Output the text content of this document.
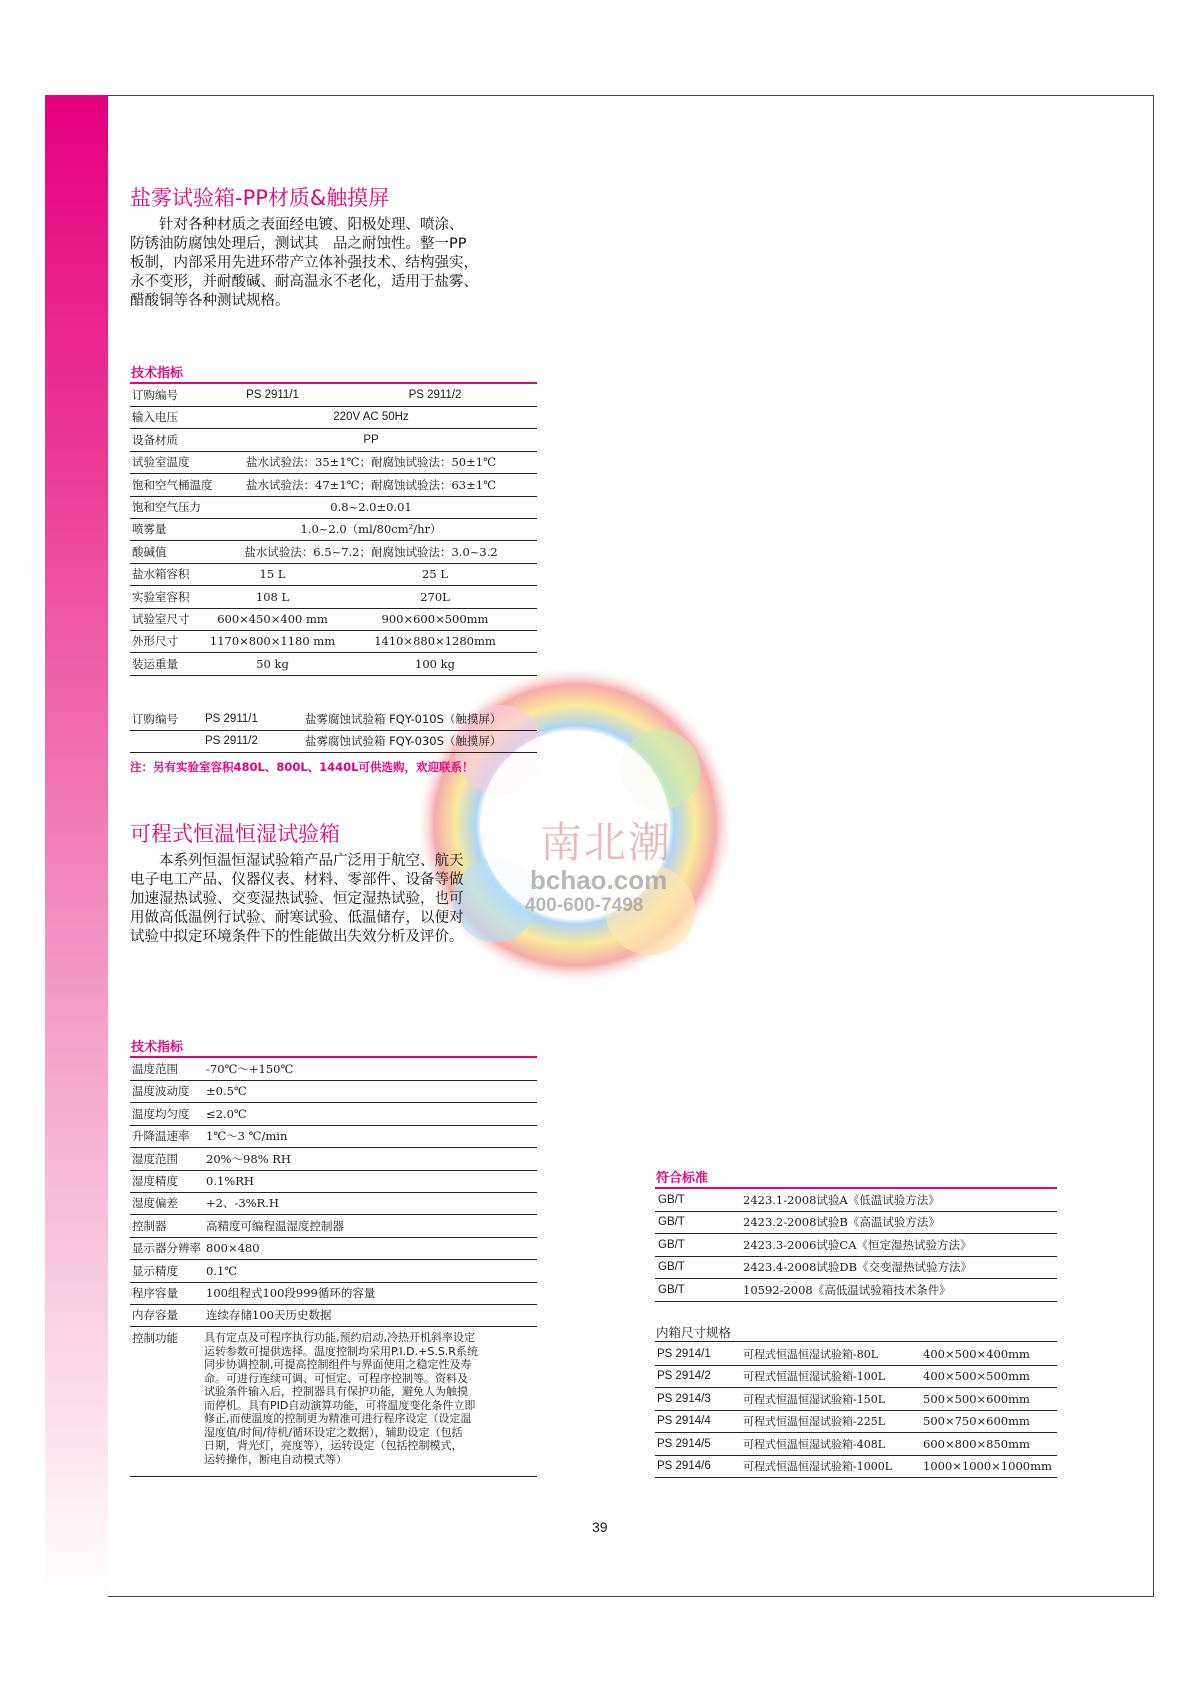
南北潮
bchao.com
400-600-7498
盐雾试验箱-PP材质&触摸屏

　　针对各种材质之表面经电镀、阳极处理、喷涂、

防锈油防腐蚀处理后，测试其　品之耐蚀性。整一PP

板制，内部采用先进环带产立体补强技术、结构强实，

永不变形，并耐酸碱、耐高温永不老化，适用于盐雾、

醋酸铜等各种测试规格。

技术指标
订购编号	PS 2911/1	PS 2911/2
输入电压	220V AC 50Hz
设备材质	PP
试验室温度	盐水试验法：35±1℃；耐腐蚀试验法：50±1℃
饱和空气桶温度	盐水试验法：47±1℃；耐腐蚀试验法：63±1℃
饱和空气压力	0.8~2.0±0.01
喷雾量	1.0~2.0（ml/80cm²/hr）
酸碱值	盐水试验法：6.5~7.2；耐腐蚀试验法：3.0~3.2
盐水箱容积	15 L	25 L
实验室容积	108 L	270L
试验室尺寸	600×450×400 mm	900×600×500mm
外形尺寸	1170×800×1180 mm	1410×880×1280mm
装运重量	50 kg	100 kg
订购编号 PS 2911/1	盐雾腐蚀试验箱 FQY-010S（触摸屏）
PS 2911/2	盐雾腐蚀试验箱 FQY-030S（触摸屏）
注：另有实验室容积480L、800L、1440L可供选购，欢迎联系！
可程式恒温恒湿试验箱

　　本系列恒温恒湿试验箱产品广泛用于航空、航天

电子电工产品、仪器仪表、材料、零部件、设备等做

加速湿热试验、交变湿热试验、恒定湿热试验，也可

用做高低温例行试验、耐寒试验、低温储存，以便对

试验中拟定环境条件下的性能做出失效分析及评价。

技术指标
温度范围 -70℃～+150℃
温度波动度 ±0.5℃
温度均匀度 ≤2.0℃
升降温速率 1℃～3 ℃/min
湿度范围 20%～98% RH
湿度精度 0.1%RH
湿度偏差 +2、-3%R.H
控制器	高精度可编程温湿度控制器
显示器分辨率 800×480
显示精度 0.1℃
程序容量 100组程式100段999循环的容量
内存容量 连续存储100天历史数据
控制功能 具有定点及可程序执行功能,预约启动,冷热开机斜率设定

运转参数可提供选择。温度控制均采用P.I.D.+S.S.R系统

同步协调控制,可提高控制组件与界面使用之稳定性及寿

命。可进行连续可调、可恒定、可程序控制等。资料及

试验条件输入后，控制器具有保护功能，避免人为触摸

而停机。具有PID自动演算功能，可将温度变化条件立即

修正,而使温度的控制更为精准可进行程序设定（设定温

湿度值/时间/待机/循环设定之数据），辅助设定（包括

日期，背光灯，亮度等），运转设定（包括控制模式，

运转操作，断电自动模式等）

符合标准
GB/T	2423.1-2008试验A《低温试验方法》
GB/T	2423.2-2008试验B《高温试验方法》
GB/T	2423.3-2006试验CA《恒定湿热试验方法》
GB/T	2423.4-2008试验DB《交变湿热试验方法》
GB/T	10592-2008《高低温试验箱技术条件》
内箱尺寸规格
PS 2914/1	可程式恒温恒湿试验箱-80L	400×500×400mm
PS 2914/2	可程式恒温恒湿试验箱-100L	400×500×500mm
PS 2914/3	可程式恒温恒湿试验箱-150L	500×500×600mm
PS 2914/4	可程式恒温恒湿试验箱-225L	500×750×600mm
PS 2914/5	可程式恒温恒湿试验箱-408L	600×800×850mm
PS 2914/6	可程式恒温恒湿试验箱-1000L	1000×1000×1000mm
39
